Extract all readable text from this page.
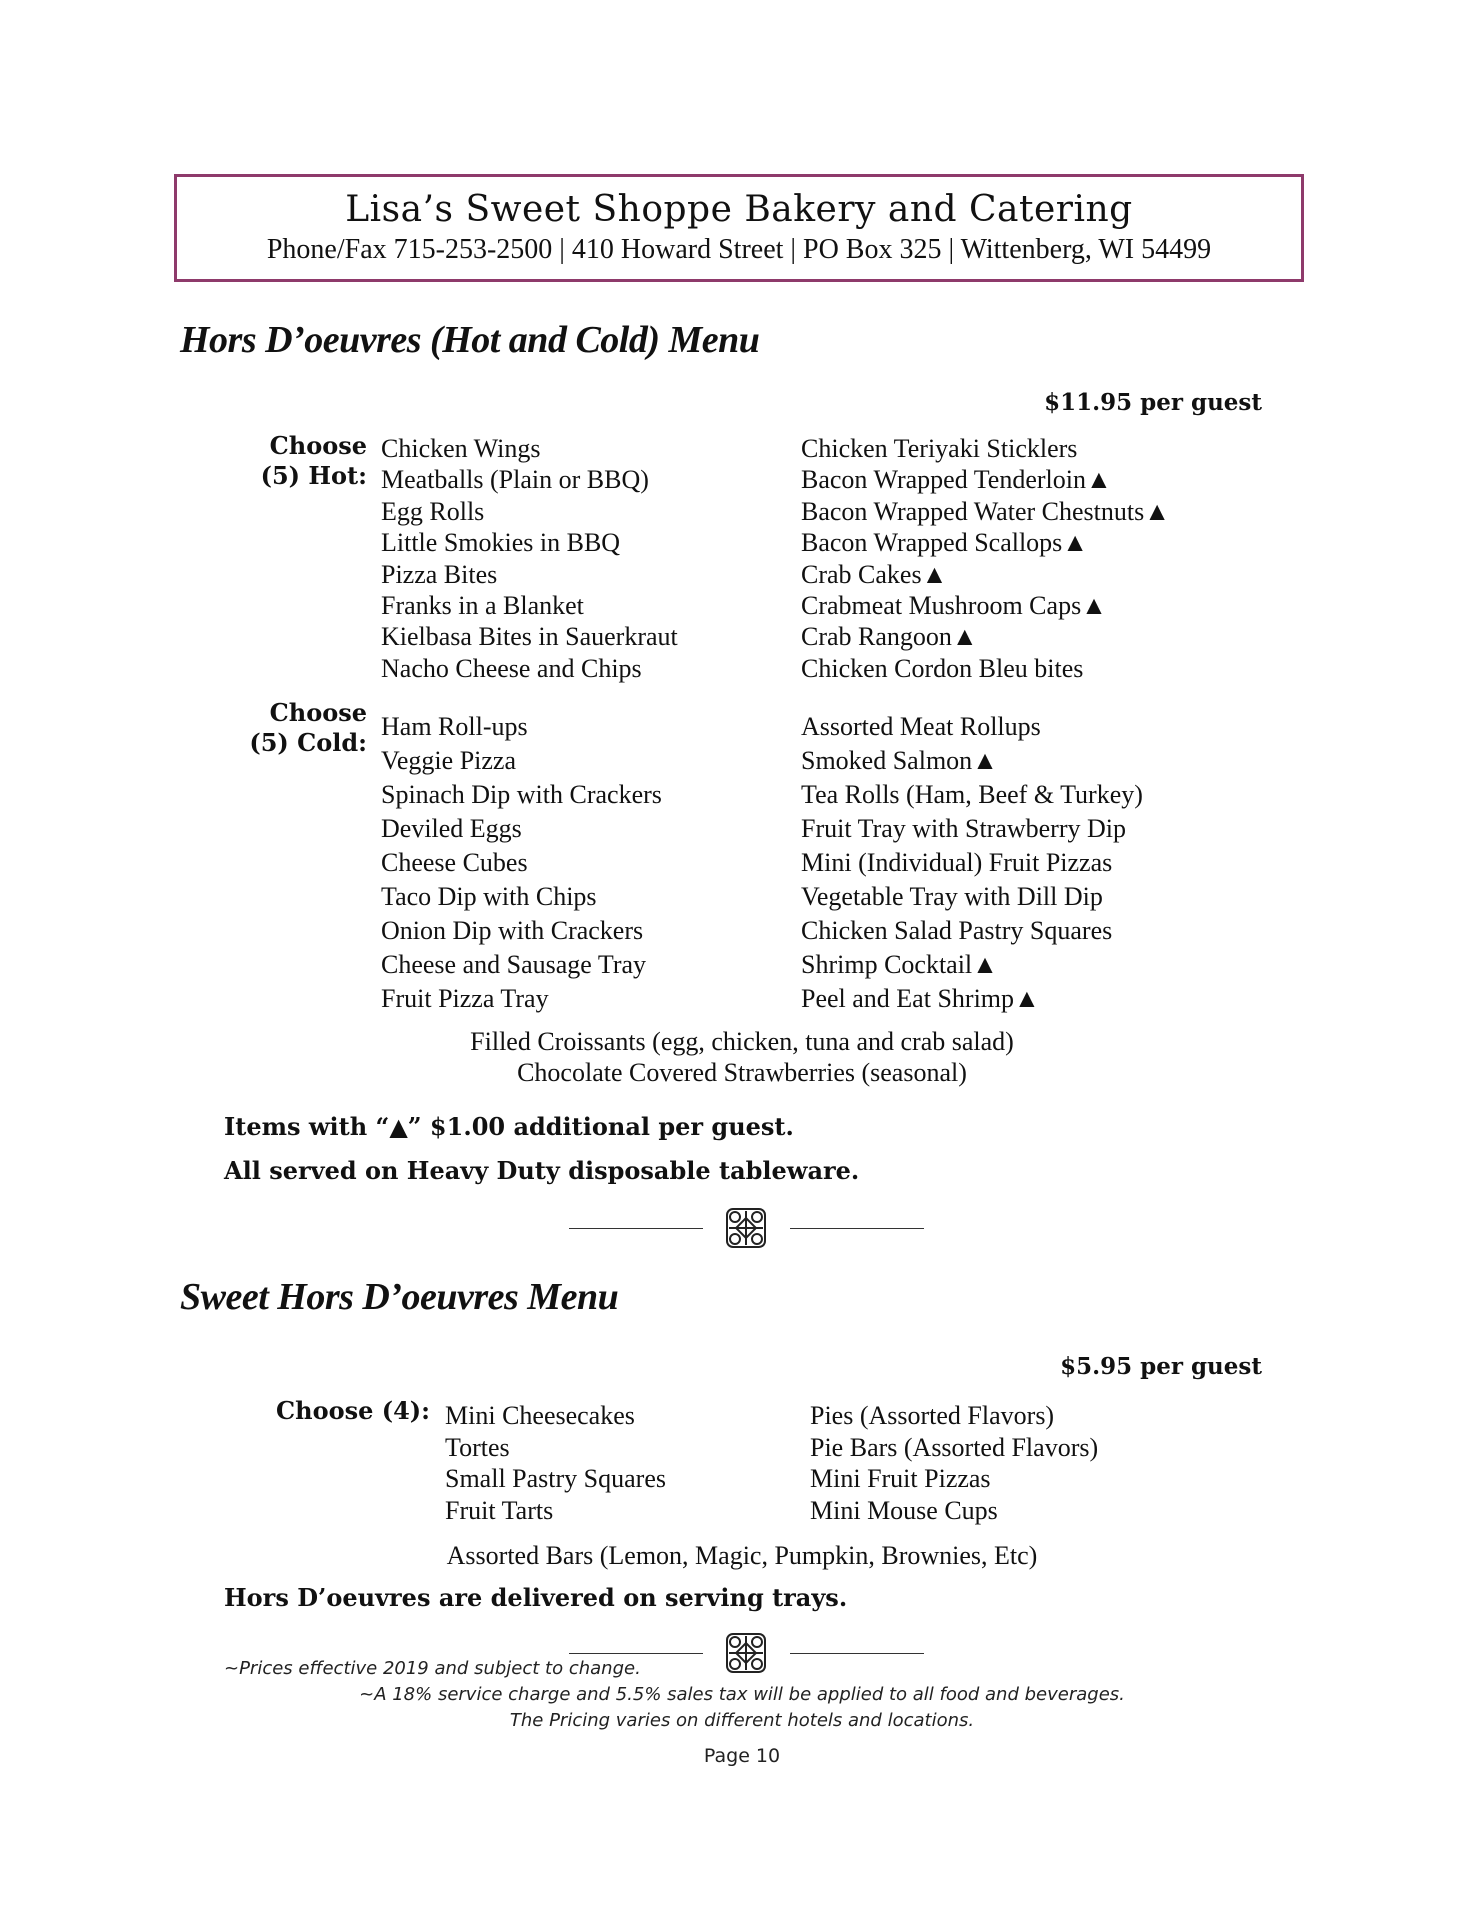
Lisa’s Sweet Shoppe Bakery and Catering
Phone/Fax 715-253-2500 | 410 Howard Street | PO Box 325 | Wittenberg, WI 54499
Hors D’oeuvres (Hot and Cold) Menu
$11.95 per guest
Choose
(5) Hot:
Chicken Wings
Meatballs (Plain or BBQ)
Egg Rolls
Little Smokies in BBQ
Pizza Bites
Franks in a Blanket
Kielbasa Bites in Sauerkraut
Nacho Cheese and Chips
Chicken Teriyaki Sticklers
Bacon Wrapped Tenderloin▲
Bacon Wrapped Water Chestnuts▲
Bacon Wrapped Scallops▲
Crab Cakes▲
Crabmeat Mushroom Caps▲
Crab Rangoon▲
Chicken Cordon Bleu bites
Choose
(5) Cold:
Ham Roll-ups
Veggie Pizza
Spinach Dip with Crackers
Deviled Eggs
Cheese Cubes
Taco Dip with Chips
Onion Dip with Crackers
Cheese and Sausage Tray
Fruit Pizza Tray
Assorted Meat Rollups
Smoked Salmon▲
Tea Rolls (Ham, Beef & Turkey)
Fruit Tray with Strawberry Dip
Mini (Individual) Fruit Pizzas
Vegetable Tray with Dill Dip
Chicken Salad Pastry Squares
Shrimp Cocktail▲
Peel and Eat Shrimp▲
Filled Croissants (egg, chicken, tuna and crab salad)
Chocolate Covered Strawberries (seasonal)
Items with “▲” $1.00 additional per guest.
All served on Heavy Duty disposable tableware.
Sweet Hors D’oeuvres Menu
$5.95 per guest
Choose (4): Mini Cheesecakes
Tortes
Small Pastry Squares
Fruit Tarts
Pies (Assorted Flavors)
Pie Bars (Assorted Flavors)
Mini Fruit Pizzas
Mini Mouse Cups
Assorted Bars (Lemon, Magic, Pumpkin, Brownies, Etc)
Hors D’oeuvres are delivered on serving trays.
~Prices effective 2019 and subject to change.
~A 18% service charge and 5.5% sales tax will be applied to all food and beverages.
The Pricing varies on different hotels and locations.
Page 10
